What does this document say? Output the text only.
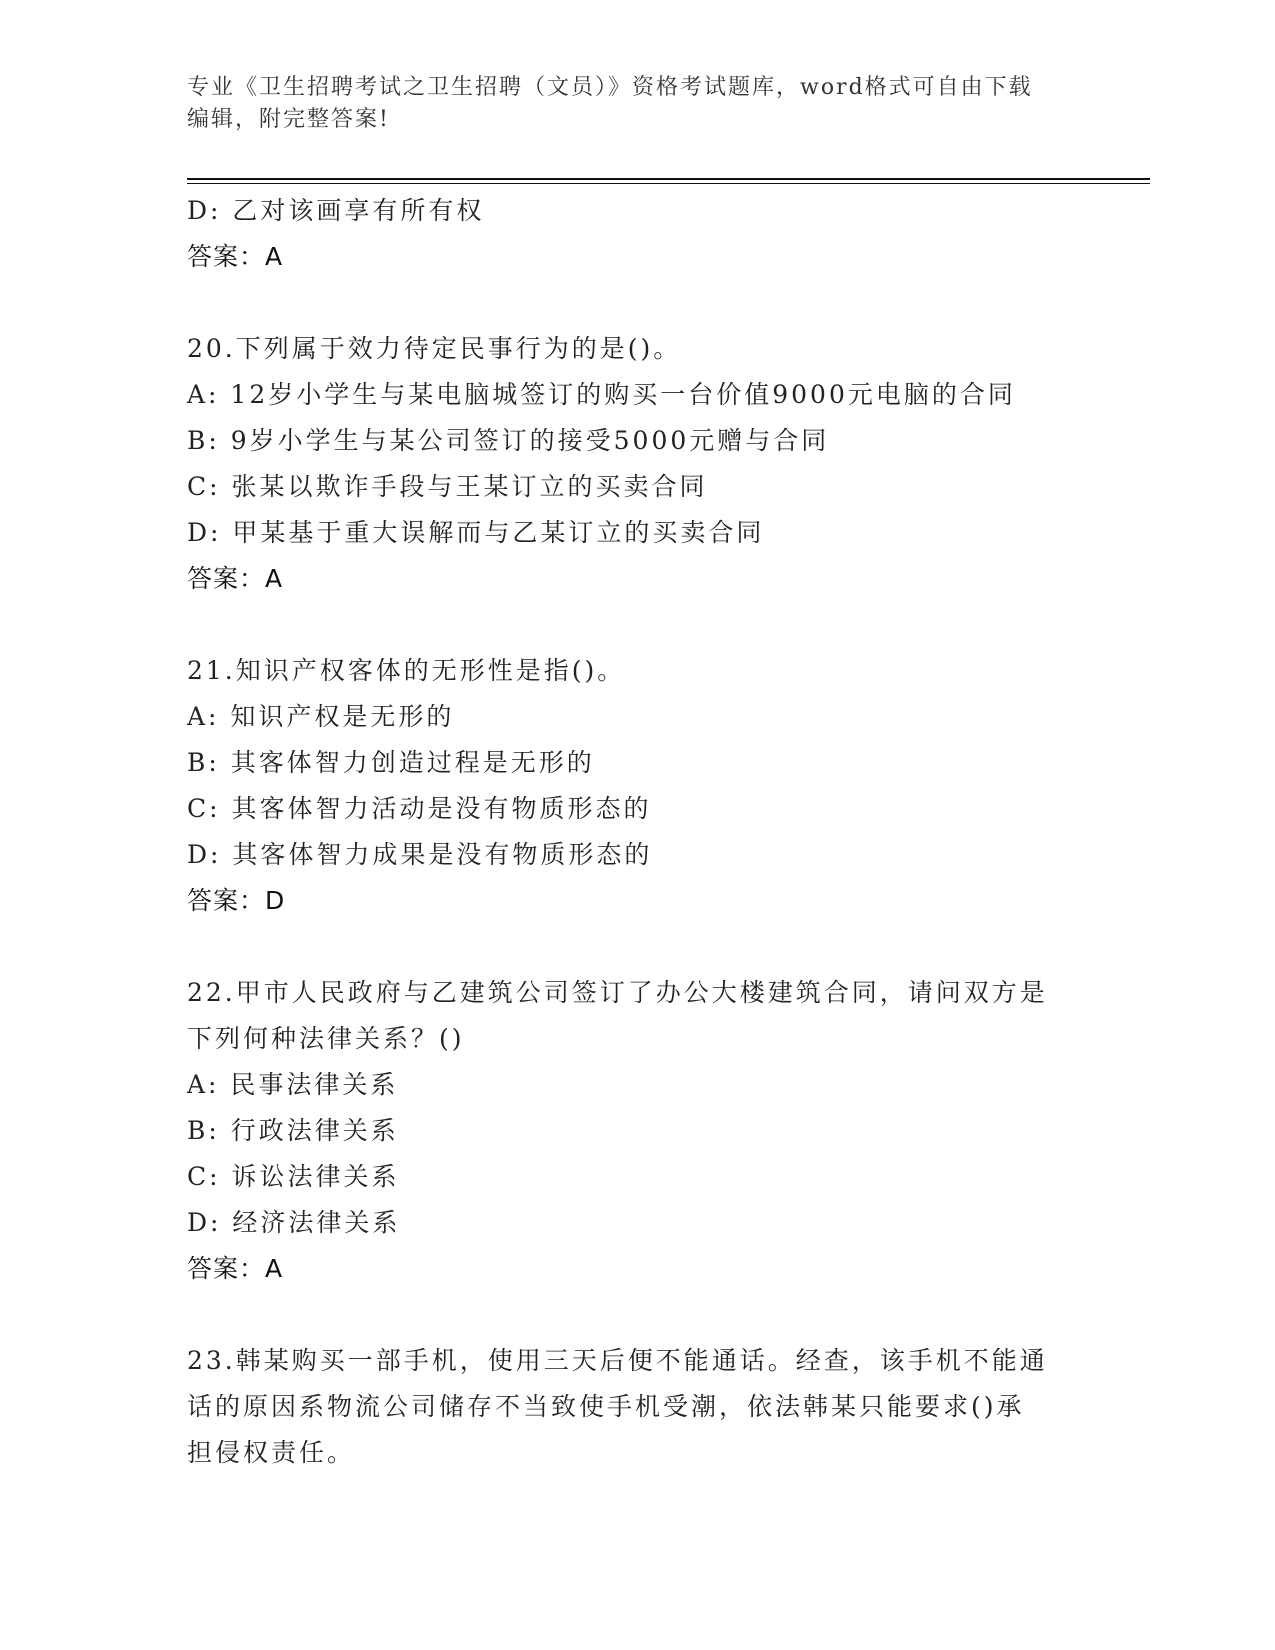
专业《卫生招聘考试之卫生招聘（文员）》资格考试题库，word格式可自由下载
编辑，附完整答案!
D: 乙对该画享有所有权
答案：A
20.下列属于效力待定民事行为的是()。
A: 12岁小学生与某电脑城签订的购买一台价值9000元电脑的合同
B: 9岁小学生与某公司签订的接受5000元赠与合同
C: 张某以欺诈手段与王某订立的买卖合同
D: 甲某基于重大误解而与乙某订立的买卖合同
答案：A
21.知识产权客体的无形性是指()。
A: 知识产权是无形的
B: 其客体智力创造过程是无形的
C: 其客体智力活动是没有物质形态的
D: 其客体智力成果是没有物质形态的
答案：D
22.甲市人民政府与乙建筑公司签订了办公大楼建筑合同，请问双方是
下列何种法律关系？()
A: 民事法律关系
B: 行政法律关系
C: 诉讼法律关系
D: 经济法律关系
答案：A
23.韩某购买一部手机，使用三天后便不能通话。经查，该手机不能通
话的原因系物流公司储存不当致使手机受潮，依法韩某只能要求()承
担侵权责任。
